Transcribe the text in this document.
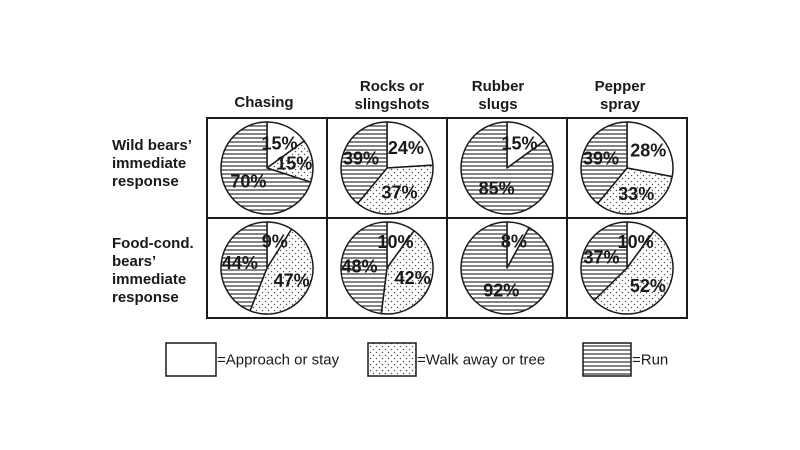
Chasing
Rocks or slingshots
Rubber slugs
Pepper spray
Wild bears’ immediate response
Food-cond. bears’ immediate response
15%
15%
70%
24%
37%
39%
15%
85%
28%
33%
39%
9%
47%
44%
10%
42%
48%
8%
92%
10%
52%
37%
=Approach or stay	=Walk away or tree	=Run
